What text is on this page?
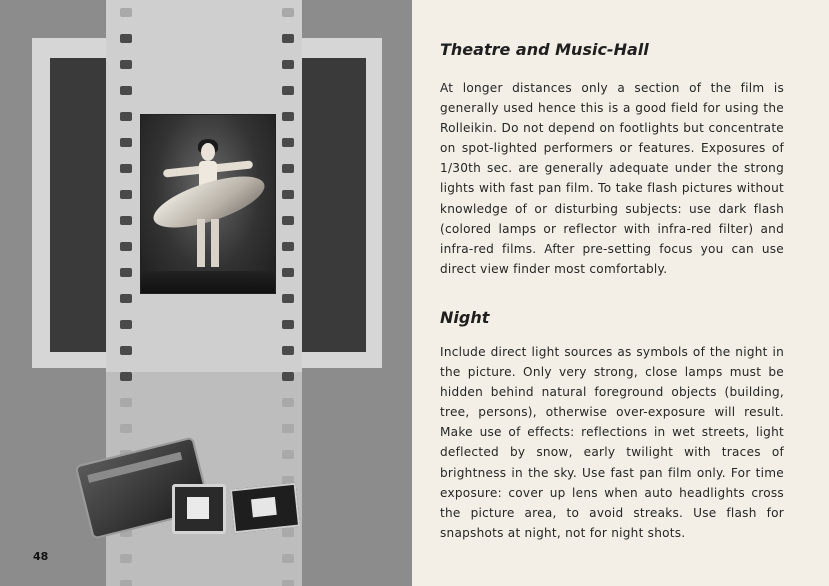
48
Theatre and Music-Hall

At longer distances only a section of the film is generally used hence this is a good field for using the Rolleikin. Do not depend on footlights but concentrate on spot-lighted performers or features. Exposures of 1/30th sec. are generally adequate under the strong lights with fast pan film. To take flash pictures without knowledge of or disturbing subjects: use dark flash (colored lamps or reflector with infra-red filter) and infra-red films. After pre-setting focus you can use direct view finder most comfortably.

Night

Include direct light sources as symbols of the night in the picture. Only very strong, close lamps must be hidden behind natural foreground objects (building, tree, persons), otherwise over-exposure will result. Make use of effects: reflections in wet streets, light deflected by snow, early twilight with traces of brightness in the sky. Use fast pan film only. For time exposure: cover up lens when auto headlights cross the picture area, to avoid streaks. Use flash for snapshots at night, not for night shots.
